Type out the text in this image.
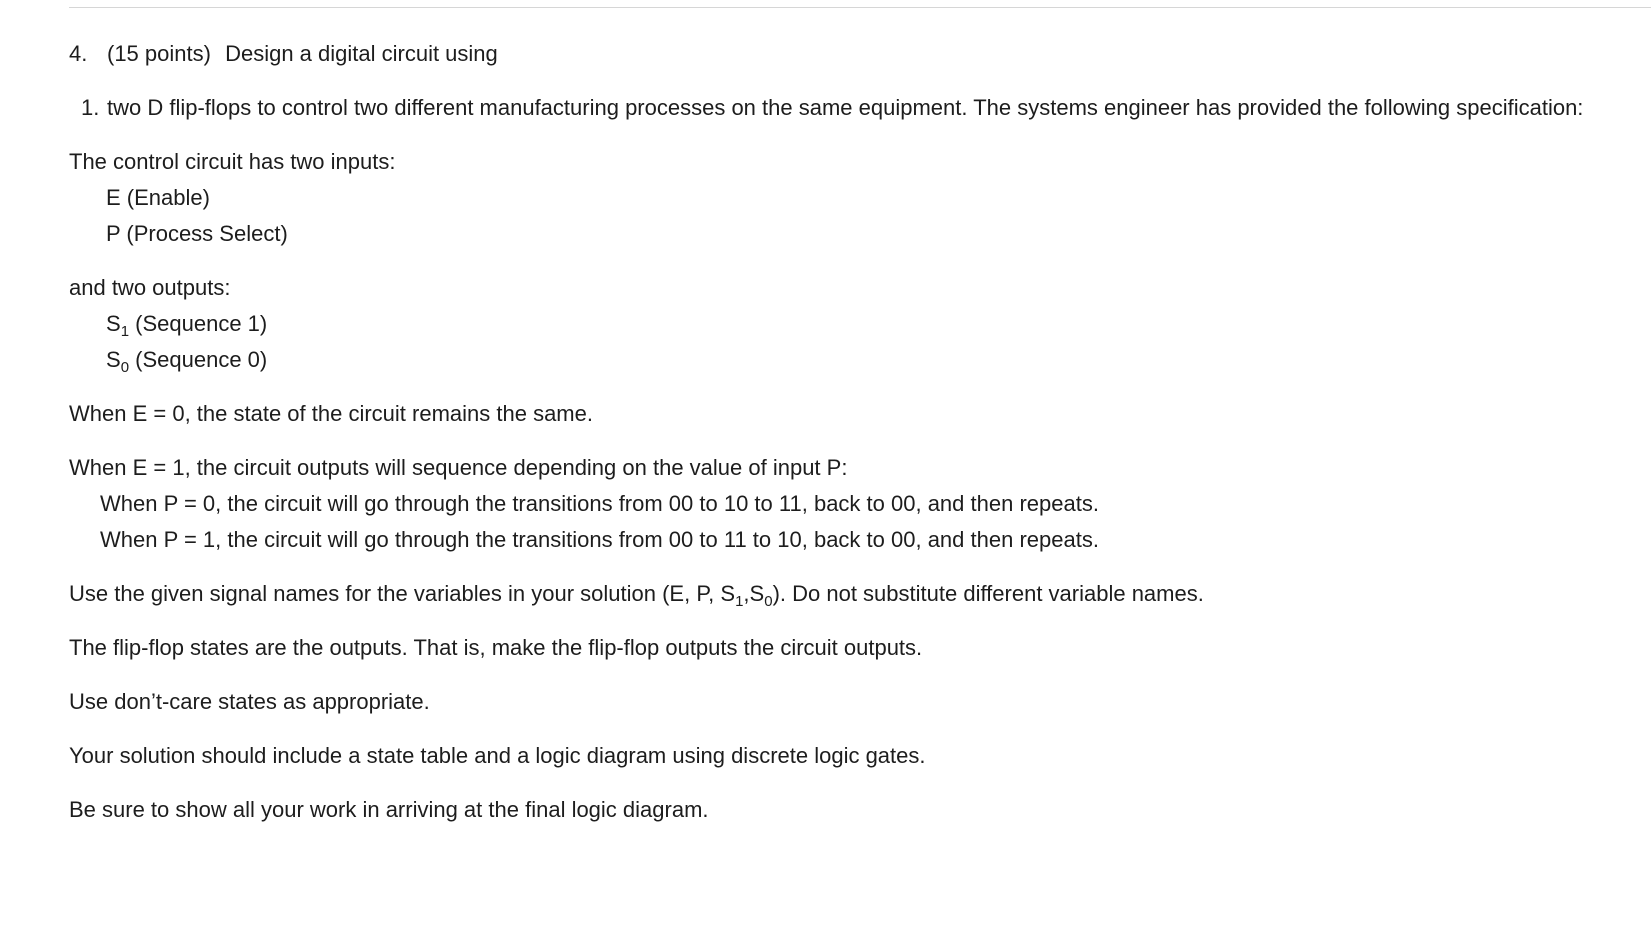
4. (15 points) Design a digital circuit using

1. two D flip-flops to control two different manufacturing processes on the same equipment. The systems engineer has provided the following specification:

The control circuit has two inputs:

E (Enable)

P (Process Select)

and two outputs:

$S_1$ (Sequence 1)

$S_0$ (Sequence 0)

When E = 0, the state of the circuit remains the same.

When E = 1, the circuit outputs will sequence depending on the value of input P:

When P = 0, the circuit will go through the transitions from 00 to 10 to 11, back to 00, and then repeats.

When P = 1, the circuit will go through the transitions from 00 to 11 to 10, back to 00, and then repeats.

Use the given signal names for the variables in your solution (E, P, $S_1,S_0$). Do not substitute different variable names.

The flip-flop states are the outputs. That is, make the flip-flop outputs the circuit outputs.

Use don’t-care states as appropriate.

Your solution should include a state table and a logic diagram using discrete logic gates.

Be sure to show all your work in arriving at the final logic diagram.
